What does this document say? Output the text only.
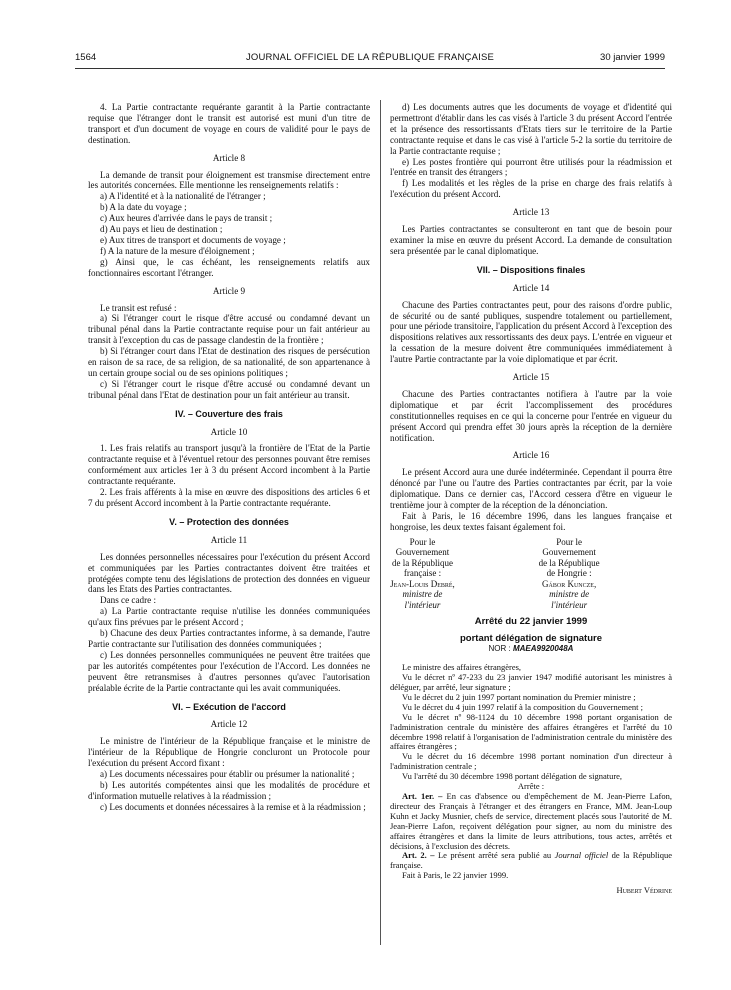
1564	JOURNAL OFFICIEL DE LA RÉPUBLIQUE FRANÇAISE	30 janvier 1999

4. La Partie contractante requérante garantit à la Partie contractante requise que l'étranger dont le transit est autorisé est muni d'un titre de transport et d'un document de voyage en cours de validité pour le pays de destination.

Article 8

La demande de transit pour éloignement est transmise directement entre les autorités concernées. Elle mentionne les renseignements relatifs :

a) A l'identité et à la nationalité de l'étranger ;

b) A la date du voyage ;

c) Aux heures d'arrivée dans le pays de transit ;

d) Au pays et lieu de destination ;

e) Aux titres de transport et documents de voyage ;

f) A la nature de la mesure d'éloignement ;

g) Ainsi que, le cas échéant, les renseignements relatifs aux fonctionnaires escortant l'étranger.

Article 9

Le transit est refusé :

a) Si l'étranger court le risque d'être accusé ou condamné devant un tribunal pénal dans la Partie contractante requise pour un fait antérieur au transit à l'exception du cas de passage clandestin de la frontière ;

b) Si l'étranger court dans l'Etat de destination des risques de persécution en raison de sa race, de sa religion, de sa nationalité, de son appartenance à un certain groupe social ou de ses opinions politiques ;

c) Si l'étranger court le risque d'être accusé ou condamné devant un tribunal pénal dans l'Etat de destination pour un fait antérieur au transit.

IV. – Couverture des frais

Article 10

1. Les frais relatifs au transport jusqu'à la frontière de l'Etat de la Partie contractante requise et à l'éventuel retour des personnes pouvant être remises conformément aux articles 1er à 3 du présent Accord incombent à la Partie contractante requérante.

2. Les frais afférents à la mise en œuvre des dispositions des articles 6 et 7 du présent Accord incombent à la Partie contractante requérante.

V. – Protection des données

Article 11

Les données personnelles nécessaires pour l'exécution du présent Accord et communiquées par les Parties contractantes doivent être traitées et protégées compte tenu des législations de protection des données en vigueur dans les Etats des Parties contractantes.

Dans ce cadre :

a) La Partie contractante requise n'utilise les données communiquées qu'aux fins prévues par le présent Accord ;

b) Chacune des deux Parties contractantes informe, à sa demande, l'autre Partie contractante sur l'utilisation des données communiquées ;

c) Les données personnelles communiquées ne peuvent être traitées que par les autorités compétentes pour l'exécution de l'Accord. Les données ne peuvent être retransmises à d'autres personnes qu'avec l'autorisation préalable écrite de la Partie contractante qui les avait communiquées.

VI. – Exécution de l'accord

Article 12

Le ministre de l'intérieur de la République française et le ministre de l'intérieur de la République de Hongrie concluront un Protocole pour l'exécution du présent Accord fixant :

a) Les documents nécessaires pour établir ou présumer la nationalité ;

b) Les autorités compétentes ainsi que les modalités de procédure et d'information mutuelle relatives à la réadmission ;

c) Les documents et données nécessaires à la remise et à la réadmission ;

d) Les documents autres que les documents de voyage et d'identité qui permettront d'établir dans les cas visés à l'article 3 du présent Accord l'entrée et la présence des ressortissants d'Etats tiers sur le territoire de la Partie contractante requise et dans le cas visé à l'article 5-2 la sortie du territoire de la Partie contractante requise ;

e) Les postes frontière qui pourront être utilisés pour la réadmission et l'entrée en transit des étrangers ;

f) Les modalités et les règles de la prise en charge des frais relatifs à l'exécution du présent Accord.

Article 13

Les Parties contractantes se consulteront en tant que de besoin pour examiner la mise en œuvre du présent Accord. La demande de consultation sera présentée par le canal diplomatique.

VII. – Dispositions finales

Article 14

Chacune des Parties contractantes peut, pour des raisons d'ordre public, de sécurité ou de santé publiques, suspendre totalement ou partiellement, pour une période transitoire, l'application du présent Accord à l'exception des dispositions relatives aux ressortissants des deux pays. L'entrée en vigueur et la cessation de la mesure doivent être communiquées immédiatement à l'autre Partie contractante par la voie diplomatique et par écrit.

Article 15

Chacune des Parties contractantes notifiera à l'autre par la voie diplomatique et par écrit l'accomplissement des procédures constitutionnelles requises en ce qui la concerne pour l'entrée en vigueur du présent Accord qui prendra effet 30 jours après la réception de la dernière notification.

Article 16

Le présent Accord aura une durée indéterminée. Cependant il pourra être dénoncé par l'une ou l'autre des Parties contractantes par écrit, par la voie diplomatique. Dans ce dernier cas, l'Accord cessera d'être en vigueur le trentième jour à compter de la réception de la dénonciation.

Fait à Paris, le 16 décembre 1996, dans les langues française et hongroise, les deux textes faisant également foi.

Pour le Gouvernement
de la République française :
Jean-Louis Debré,
ministre de l'intérieur
Pour le Gouvernement
de la République de Hongrie :
Gábor Kuncze,
ministre de l'intérieur
Arrêté du 22 janvier 1999
portant délégation de signature
NOR : MAEA9920048A

Le ministre des affaires étrangères,

Vu le décret nº 47-233 du 23 janvier 1947 modifié autorisant les ministres à déléguer, par arrêté, leur signature ;

Vu le décret du 2 juin 1997 portant nomination du Premier ministre ;

Vu le décret du 4 juin 1997 relatif à la composition du Gouvernement ;

Vu le décret nº 98-1124 du 10 décembre 1998 portant organisation de l'administration centrale du ministère des affaires étrangères et l'arrêté du 10 décembre 1998 relatif à l'organisation de l'administration centrale du ministère des affaires étrangères ;

Vu le décret du 16 décembre 1998 portant nomination d'un directeur à l'administration centrale ;

Vu l'arrêté du 30 décembre 1998 portant délégation de signature,

Arrête :

Art. 1er. – En cas d'absence ou d'empêchement de M. Jean-Pierre Lafon, directeur des Français à l'étranger et des étrangers en France, MM. Jean-Loup Kuhn et Jacky Musnier, chefs de service, directement placés sous l'autorité de M. Jean-Pierre Lafon, reçoivent délégation pour signer, au nom du ministre des affaires étrangères et dans la limite de leurs attributions, tous actes, arrêtés et décisions, à l'exclusion des décrets.

Art. 2. – Le présent arrêté sera publié au Journal officiel de la République française.

Fait à Paris, le 22 janvier 1999.

Hubert Védrine
